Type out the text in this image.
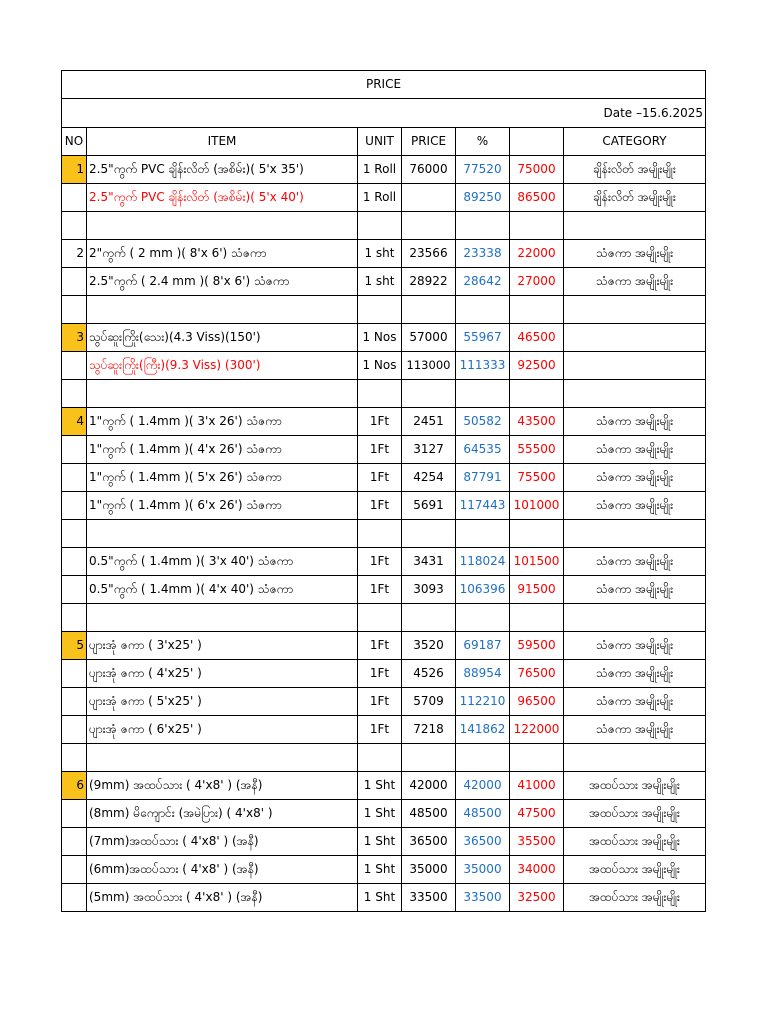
PRICE						
Date –15.6.2025						
NO	ITEM	UNIT	PRICE	%		CATEGORY
1	2.5"ကွက် PVC ချိန်းလိတ် (အစိမ်း)( 5'x 35')	1 Roll	76000	77520	75000	ချိန်းလိတ် အမျိုးမျိုး
	2.5"ကွက် PVC ချိန်းလိတ် (အစိမ်း)( 5'x 40')	1 Roll		89250	86500	ချိန်းလိတ် အမျိုးမျိုး

2	2"ကွက် ( 2 mm )( 8'x 6') သံဇကာ	1 sht	23566	23338	22000	သံဇကာ အမျိုးမျိုး
	2.5"ကွက် ( 2.4 mm )( 8'x 6') သံဇကာ	1 sht	28922	28642	27000	သံဇကာ အမျိုးမျိုး

3	သွပ်ဆူးကြိုး(သေး)(4.3 Viss)(150')	1 Nos	57000	55967	46500	
	သွပ်ဆူးကြိုး(ကြီး)(9.3 Viss) (300')	1 Nos	113000	111333	92500	

4	1"ကွက် ( 1.4mm )( 3'x 26') သံဇကာ	1Ft	2451	50582	43500	သံဇကာ အမျိုးမျိုး
	1"ကွက် ( 1.4mm )( 4'x 26') သံဇကာ	1Ft	3127	64535	55500	သံဇကာ အမျိုးမျိုး
	1"ကွက် ( 1.4mm )( 5'x 26') သံဇကာ	1Ft	4254	87791	75500	သံဇကာ အမျိုးမျိုး
	1"ကွက် ( 1.4mm )( 6'x 26') သံဇကာ	1Ft	5691	117443	101000	သံဇကာ အမျိုးမျိုး

	0.5"ကွက် ( 1.4mm )( 3'x 40') သံဇကာ	1Ft	3431	118024	101500	သံဇကာ အမျိုးမျိုး
	0.5"ကွက် ( 1.4mm )( 4'x 40') သံဇကာ	1Ft	3093	106396	91500	သံဇကာ အမျိုးမျိုး

5	ပျားအုံ ဇကာ ( 3'x25' )	1Ft	3520	69187	59500	သံဇကာ အမျိုးမျိုး
	ပျားအုံ ဇကာ ( 4'x25' )	1Ft	4526	88954	76500	သံဇကာ အမျိုးမျိုး
	ပျားအုံ ဇကာ ( 5'x25' )	1Ft	5709	112210	96500	သံဇကာ အမျိုးမျိုး
	ပျားအုံ ဇကာ ( 6'x25' )	1Ft	7218	141862	122000	သံဇကာ အမျိုးမျိုး

6	(9mm) အထပ်သား ( 4'x8' ) (အနီ)	1 Sht	42000	42000	41000	အထပ်သား အမျိုးမျိုး
	(8mm) မိကျောင်း (အမဲပြား) ( 4'x8' )	1 Sht	48500	48500	47500	အထပ်သား အမျိုးမျိုး
	(7mm)အထပ်သား ( 4'x8' ) (အနီ)	1 Sht	36500	36500	35500	အထပ်သား အမျိုးမျိုး
	(6mm)အထပ်သား ( 4'x8' ) (အနီ)	1 Sht	35000	35000	34000	အထပ်သား အမျိုးမျိုး
	(5mm) အထပ်သား ( 4'x8' ) (အနီ)	1 Sht	33500	33500	32500	အထပ်သား အမျိုးမျိုး
